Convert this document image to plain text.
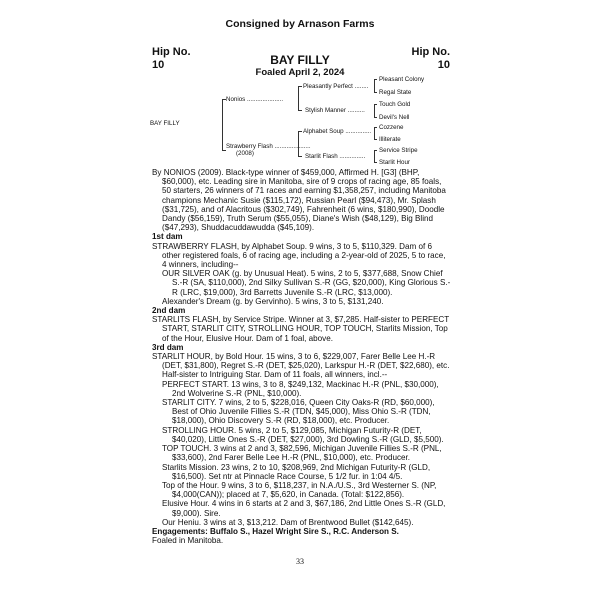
Consigned by Arnason Farms
Hip No.
10
Hip No.
10
BAY FILLY
Foaled April 2, 2024
BAY FILLY
Nonios .....................
Strawberry Flash .....................
(2008)
Pleasantly Perfect ........
Stylish Manner ..........
Alphabet Soup ...............
Starlit Flash ...............
Pleasant Colony
Regal State
Touch Gold
Devil's Nell
Cozzene
Illiterate
Service Stripe
Starlit Hour

By NONIOS (2009). Black-type winner of $459,000, Affirmed H. [G3] (BHP, $60,000), etc. Leading sire in Manitoba, sire of 9 crops of racing age, 85 foals, 50 starters, 26 winners of 71 races and earning $1,358,257, including Manitoba champions Mechanic Susie ($115,172), Russian Pearl ($94,473), Mr. Splash ($31,725), and of Alacritous ($302,749), Fahrenheit (6 wins, $180,990), Doodle Dandy ($56,159), Truth Serum ($55,055), Diane's Wish ($48,129), Big Blind ($47,293), Shuddacuddawudda ($45,109).

1st dam

STRAWBERRY FLASH, by Alphabet Soup. 9 wins, 3 to 5, $110,329. Dam of 6 other registered foals, 6 of racing age, including a 2-year-old of 2025, 5 to race, 4 winners, including--

OUR SILVER OAK (g. by Unusual Heat). 5 wins, 2 to 5, $377,688, Snow Chief S.-R (SA, $110,000), 2nd Silky Sullivan S.-R (GG, $20,000), King Glorious S.-R (LRC, $19,000), 3rd Barretts Juvenile S.-R (LRC, $13,000).

Alexander's Dream (g. by Gervinho). 5 wins, 3 to 5, $131,240.

2nd dam

STARLITS FLASH, by Service Stripe. Winner at 3, $7,285. Half-sister to PERFECT START, STARLIT CITY, STROLLING HOUR, TOP TOUCH, Starlits Mission, Top of the Hour, Elusive Hour. Dam of 1 foal, above.

3rd dam

STARLIT HOUR, by Bold Hour. 15 wins, 3 to 6, $229,007, Farer Belle Lee H.-R (DET, $31,800), Regret S.-R (DET, $25,020), Larkspur H.-R (DET, $22,680), etc. Half-sister to Intriguing Star. Dam of 11 foals, all winners, incl.--

PERFECT START. 13 wins, 3 to 8, $249,132, Mackinac H.-R (PNL, $30,000), 2nd Wolverine S.-R (PNL, $10,000).

STARLIT CITY. 7 wins, 2 to 5, $228,016, Queen City Oaks-R (RD, $60,000), Best of Ohio Juvenile Fillies S.-R (TDN, $45,000), Miss Ohio S.-R (TDN, $18,000), Ohio Discovery S.-R (RD, $18,000), etc. Producer.

STROLLING HOUR. 5 wins, 2 to 5, $129,085, Michigan Futurity-R (DET, $40,020), Little Ones S.-R (DET, $27,000), 3rd Dowling S.-R (GLD, $5,500).

TOP TOUCH. 3 wins at 2 and 3, $82,596, Michigan Juvenile Fillies S.-R (PNL, $33,600), 2nd Farer Belle Lee H.-R (PNL, $10,000), etc. Producer.

Starlits Mission. 23 wins, 2 to 10, $208,969, 2nd Michigan Futurity-R (GLD, $16,500). Set ntr at Pinnacle Race Course, 5 1/2 fur. in 1:04 4/5.

Top of the Hour. 9 wins, 3 to 6, $118,237, in N.A./U.S., 3rd Westerner S. (NP, $4,000(CAN)); placed at 7, $5,620, in Canada. (Total: $122,856).

Elusive Hour. 4 wins in 6 starts at 2 and 3, $67,186, 2nd Little Ones S.-R (GLD, $9,000). Sire.

Our Heniu. 3 wins at 3, $13,212. Dam of Brentwood Bullet ($142,645).

Engagements: Buffalo S., Hazel Wright Sire S., R.C. Anderson S.

Foaled in Manitoba.

33
